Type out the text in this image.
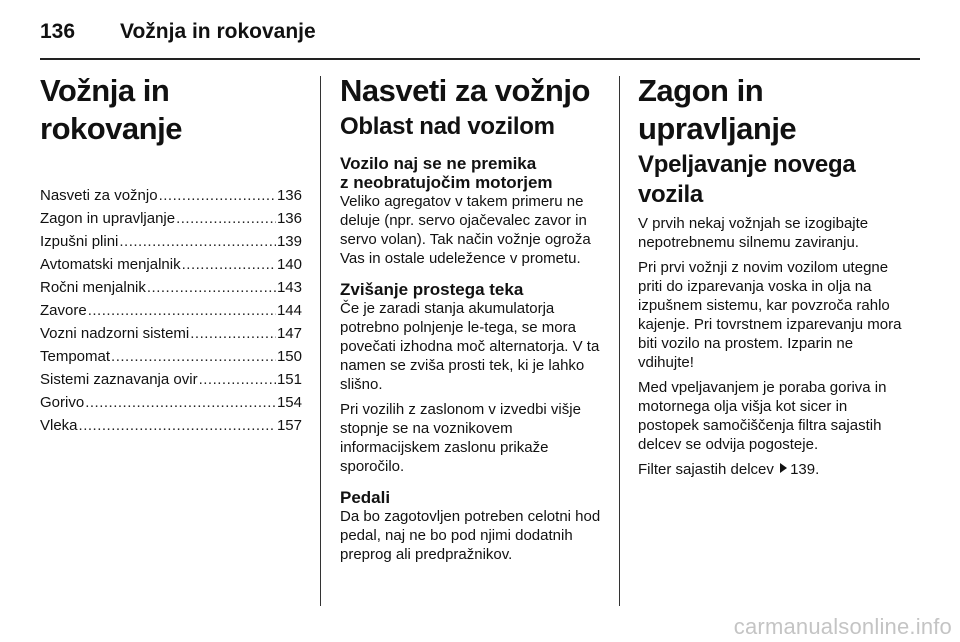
136 Vožnja in rokovanje
Vožnja in rokovanje
Nasveti za vožnjo .....	136
Zagon in upravljanje .....	136
Izpušni plini .....	139
Avtomatski menjalnik .....	140
Ročni menjalnik .....	143
Zavore .....	144
Vozni nadzorni sistemi .....	147
Tempomat .....	150
Sistemi zaznavanja ovir .....	151
Gorivo .....	154
Vleka .....	157
Nasveti za vožnjo
Oblast nad vozilom
Vozilo naj se ne premika
z neobratujočim motorjem

Veliko agregatov v takem primeru ne deluje (npr. servo ojačevalec zavor in servo volan). Tak način vožnje ogroža Vas in ostale udeležence v prometu.

Zvišanje prostega teka

Če je zaradi stanja akumulatorja potrebno polnjenje le-tega, se mora povečati izhodna moč alternatorja. V ta namen se zviša prosti tek, ki je lahko slišno.

Pri vozilih z zaslonom v izvedbi višje stopnje se na voznikovem informacijskem zaslonu prikaže sporočilo.

Pedali

Da bo zagotovljen potreben celotni hod pedal, naj ne bo pod njimi dodatnih preprog ali predpražnikov.

Zagon in upravljanje
Vpeljavanje novega vozila

V prvih nekaj vožnjah se izogibajte nepotrebnemu silnemu zaviranju.

Pri prvi vožnji z novim vozilom utegne priti do izparevanja voska in olja na izpušnem sistemu, kar povzroča rahlo kajenje. Pri tovrstnem izparevanju mora biti vozilo na prostem. Izparin ne vdihujte!

Med vpeljavanjem je poraba goriva in motornega olja višja kot sicer in postopek samočiščenja filtra sajastih delcev se odvija pogosteje.

Filter sajastih delcev 139.

carmanualsonline.info
